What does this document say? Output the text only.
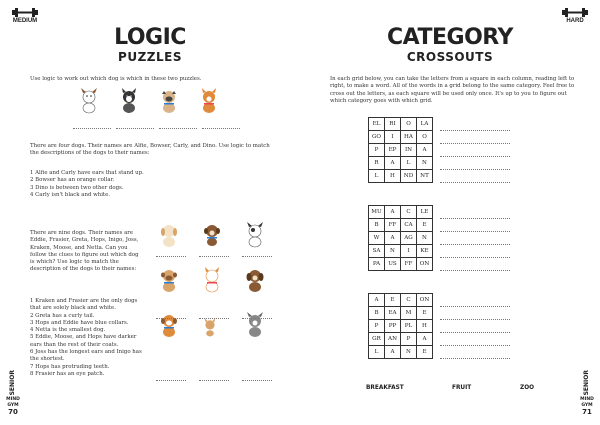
MEDIUM
LOGIC
PUZZLES
Use logic to work out which dog is which in these two puzzles.
There are four dogs. Their names are Alfie, Bowser, Carly, and Dino. Use logic to match the descriptions of the dogs to their names:
1 Alfie and Carly have ears that stand up.
2 Bowser has an orange collar.
3 Dino is between two other dogs.
4 Carly isn't black and white.
There are nine dogs. Their names are Eddie, Frasier, Greta, Hops, Inigo, Joss, Kraken, Moose, and Netta. Can you follow the clues to figure out which dog is which? Use logic to match the description of the dogs to their names:
1 Kraken and Frasier are the only dogs
that are solely black and white.
2 Greta has a curly tail.
3 Hops and Eddie have blue collars.
4 Netta is the smallest dog.
5 Eddie, Moose, and Hops have darker
ears than the rest of their coats.
6 Joss has the longest ears and Inigo has
the shortest.
7 Hops has protruding teeth.
8 Frasier has an eye patch.
SENIOR
MIND GYM
70
HARD
CATEGORY
CROSSOUTS
In each grid below, you can take the letters from a square in each column, reading left to right, to make a word. All of the words in a grid belong to the same category. Feel free to cross out the letters, as each square will be used only once. It's up to you to figure out which category goes with which grid.
EL	RI	O	LA
GO	I	HA	O
P	EP	IN	A
R	A	L	N
L	H	ND	NT
MU	A	C	LE
B	FF	CA	E
W	A	AG	N
SA	N	I	KE
PA	US	FF	ON
A	E	C	ON
B	EA	M	E
P	PP	PL	H
GR	AN	P	A
L	A	N	E
BREAKFAST	FRUIT	ZOO	SENIOR
MIND GYM
71
